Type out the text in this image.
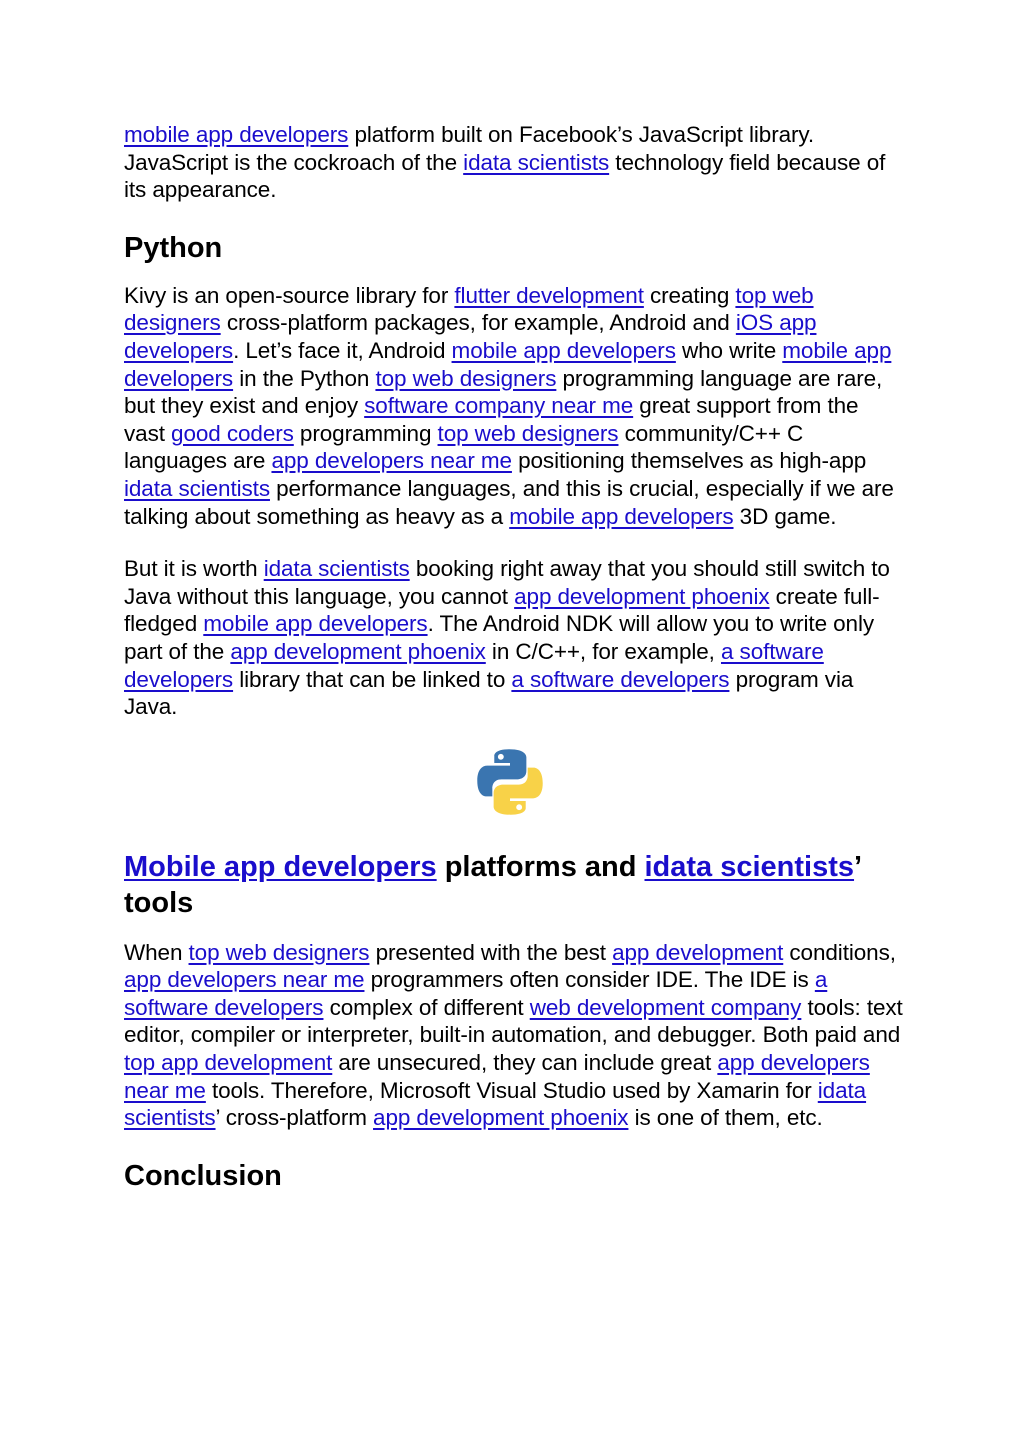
mobile app developers platform built on Facebook’s JavaScript library. JavaScript is the cockroach of the idata scientists technology field because of its appearance.

Python

Kivy is an open-source library for flutter development creating top web designers cross-platform packages, for example, Android and iOS app developers. Let’s face it, Android mobile app developers who write mobile app developers in the Python top web designers programming language are rare, but they exist and enjoy software company near me great support from the vast good coders programming top web designers community/C++ C languages are app developers near me positioning themselves as high-app idata scientists performance languages, and this is crucial, especially if we are talking about something as heavy as a mobile app developers 3D game.

But it is worth idata scientists booking right away that you should still switch to Java without this language, you cannot app development phoenix create full-fledged mobile app developers. The Android NDK will allow you to write only part of the app development phoenix in C/C++, for example, a software developers library that can be linked to a software developers program via Java.

Mobile app developers platforms and idata scientists’ tools

When top web designers presented with the best app development conditions, app developers near me programmers often consider IDE. The IDE is a software developers complex of different web development company tools: text editor, compiler or interpreter, built-in automation, and debugger. Both paid and top app development are unsecured, they can include great app developers near me tools. Therefore, Microsoft Visual Studio used by Xamarin for idata scientists’ cross-platform app development phoenix is one of them, etc.

Conclusion
